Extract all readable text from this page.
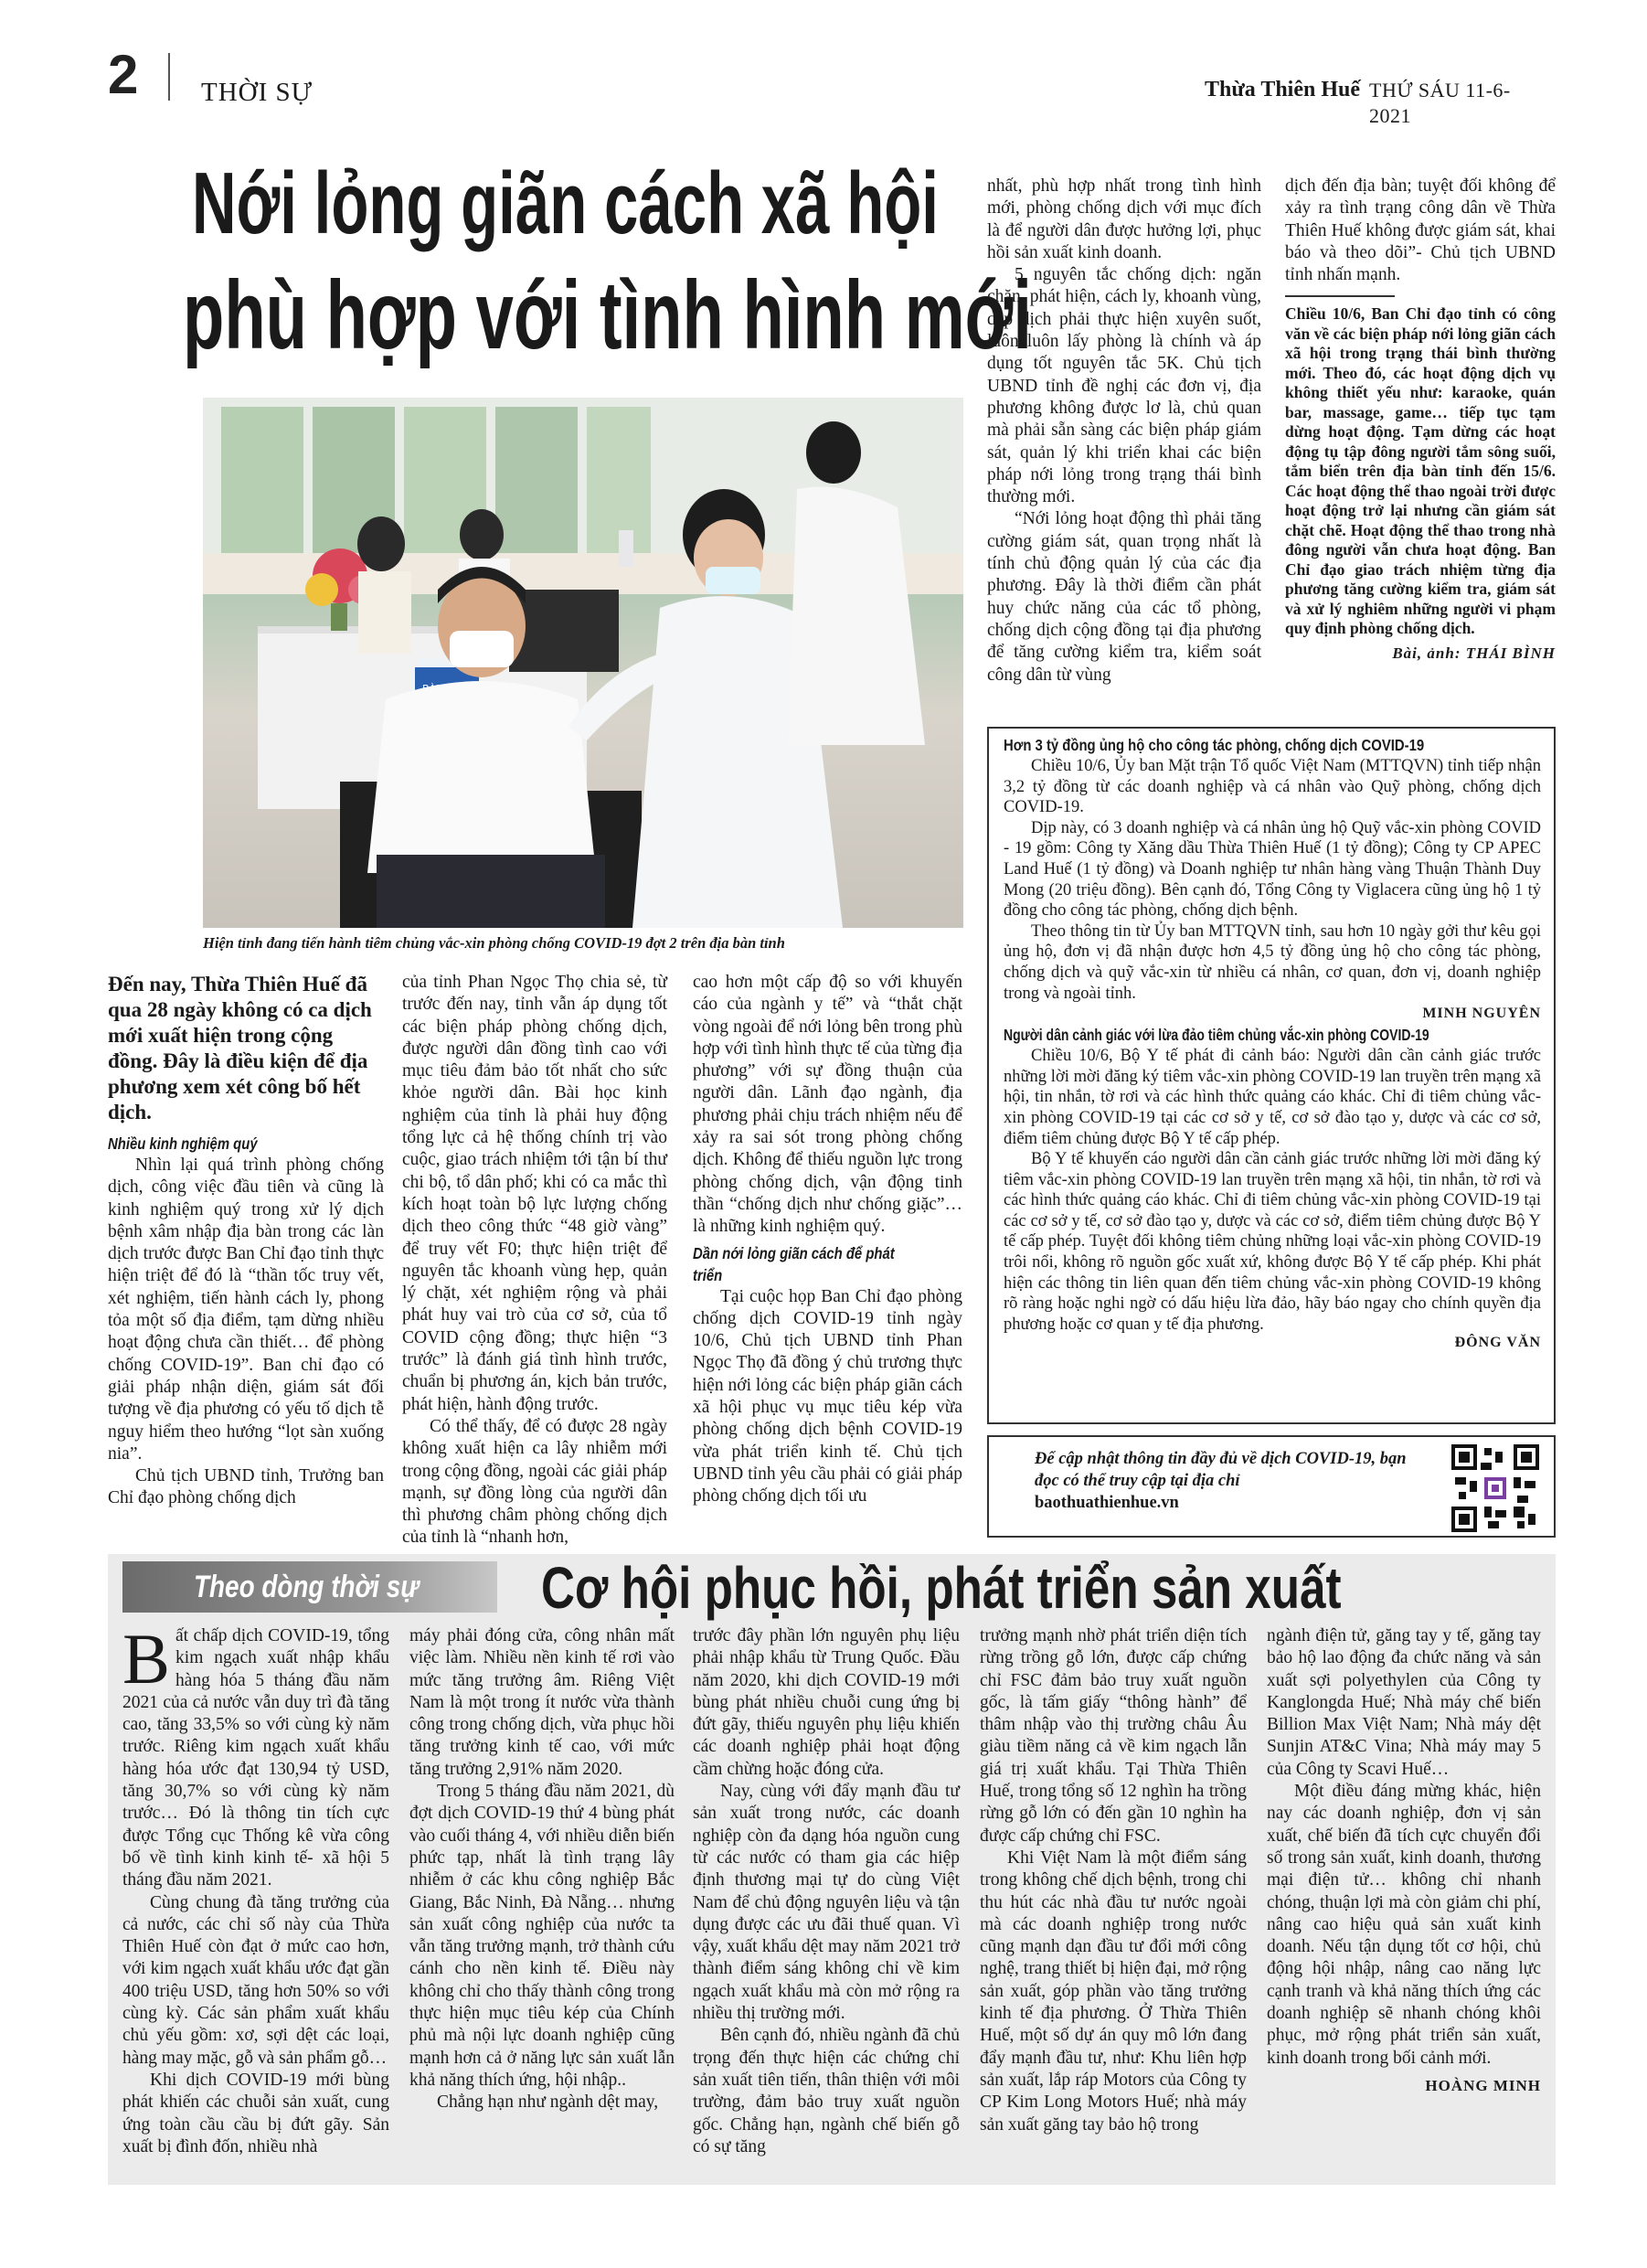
2 THỜI SỰ	Thừa Thiên Huế THỨ SÁU 11-6-2021
Nới lỏng giãn cách xã hội
phù hợp với tình hình mới
Hiện tỉnh đang tiến hành tiêm chủng vắc-xin phòng chống COVID-19 đợt 2 trên địa bàn tỉnh
Đến nay, Thừa Thiên Huế đã qua 28 ngày không có ca dịch mới xuất hiện trong cộng đồng. Đây là điều kiện để địa phương xem xét công bố hết dịch.
Nhiều kinh nghiệm quý

Nhìn lại quá trình phòng chống dịch, công việc đầu tiên và cũng là kinh nghiệm quý trong xử lý dịch bệnh xâm nhập địa bàn trong các làn dịch trước được Ban Chỉ đạo tỉnh thực hiện triệt để đó là “thần tốc truy vết, xét nghiệm, tiến hành cách ly, phong tỏa một số địa điểm, tạm dừng nhiều hoạt động chưa cần thiết… để phòng chống COVID-19”. Ban chỉ đạo có giải pháp nhận diện, giám sát đối tượng về địa phương có yếu tố dịch tễ nguy hiểm theo hướng “lọt sàn xuống nia”.

Chủ tịch UBND tỉnh, Trưởng ban Chỉ đạo phòng chống dịch

của tỉnh Phan Ngọc Thọ chia sẻ, từ trước đến nay, tỉnh vẫn áp dụng tốt các biện pháp phòng chống dịch, được người dân đồng tình cao với mục tiêu đảm bảo tốt nhất cho sức khỏe người dân. Bài học kinh nghiệm của tỉnh là phải huy động tổng lực cả hệ thống chính trị vào cuộc, giao trách nhiệm tới tận bí thư chi bộ, tổ dân phố; khi có ca mắc thì kích hoạt toàn bộ lực lượng chống dịch theo công thức “48 giờ vàng” để truy vết F0; thực hiện triệt để nguyên tắc khoanh vùng hẹp, quản lý chặt, xét nghiệm rộng và phải phát huy vai trò của cơ sở, của tổ COVID cộng đồng; thực hiện “3 trước” là đánh giá tình hình trước, chuẩn bị phương án, kịch bản trước, phát hiện, hành động trước.

Có thể thấy, để có được 28 ngày không xuất hiện ca lây nhiễm mới trong cộng đồng, ngoài các giải pháp mạnh, sự đồng lòng của người dân thì phương châm phòng chống dịch của tỉnh là “nhanh hơn,

cao hơn một cấp độ so với khuyến cáo của ngành y tế” và “thắt chặt vòng ngoài để nới lỏng bên trong phù hợp với tình hình thực tế của từng địa phương” với sự đồng thuận của người dân. Lãnh đạo ngành, địa phương phải chịu trách nhiệm nếu để xảy ra sai sót trong phòng chống dịch. Không để thiếu nguồn lực trong phòng chống dịch, vận động tinh thần “chống dịch như chống giặc”… là những kinh nghiệm quý.

Dần nới lỏng giãn cách để phát triển

Tại cuộc họp Ban Chỉ đạo phòng chống dịch COVID-19 tỉnh ngày 10/6, Chủ tịch UBND tỉnh Phan Ngọc Thọ đã đồng ý chủ trương thực hiện nới lỏng các biện pháp giãn cách xã hội phục vụ mục tiêu kép vừa phòng chống dịch bệnh COVID-19 vừa phát triển kinh tế. Chủ tịch UBND tỉnh yêu cầu phải có giải pháp phòng chống dịch tối ưu

nhất, phù hợp nhất trong tình hình mới, phòng chống dịch với mục đích là để người dân được hưởng lợi, phục hồi sản xuất kinh doanh.

5 nguyên tắc chống dịch: ngăn chặn, phát hiện, cách ly, khoanh vùng, dập dịch phải thực hiện xuyên suốt, luôn luôn lấy phòng là chính và áp dụng tốt nguyên tắc 5K. Chủ tịch UBND tỉnh đề nghị các đơn vị, địa phương không được lơ là, chủ quan mà phải sẵn sàng các biện pháp giám sát, quản lý khi triển khai các biện pháp nới lỏng trong trạng thái bình thường mới.

“Nới lỏng hoạt động thì phải tăng cường giám sát, quan trọng nhất là tính chủ động quản lý của các địa phương. Đây là thời điểm cần phát huy chức năng của các tổ phòng, chống dịch cộng đồng tại địa phương để tăng cường kiểm tra, kiểm soát công dân từ vùng

dịch đến địa bàn; tuyệt đối không để xảy ra tình trạng công dân về Thừa Thiên Huế không được giám sát, khai báo và theo dõi”- Chủ tịch UBND tỉnh nhấn mạnh.

Chiều 10/6, Ban Chỉ đạo tỉnh có công văn về các biện pháp nới lỏng giãn cách xã hội trong trạng thái bình thường mới. Theo đó, các hoạt động dịch vụ không thiết yếu như: karaoke, quán bar, massage, game… tiếp tục tạm dừng hoạt động. Tạm dừng các hoạt động tụ tập đông người tắm sông suối, tắm biển trên địa bàn tỉnh đến 15/6. Các hoạt động thể thao ngoài trời được hoạt động trở lại nhưng cần giám sát chặt chẽ. Hoạt động thể thao trong nhà đông người vẫn chưa hoạt động. Ban Chỉ đạo giao trách nhiệm từng địa phương tăng cường kiểm tra, giám sát và xử lý nghiêm những người vi phạm quy định phòng chống dịch.

Bài, ảnh: THÁI BÌNH
Hơn 3 tỷ đồng ủng hộ cho công tác phòng, chống dịch COVID-19

Chiều 10/6, Ủy ban Mặt trận Tổ quốc Việt Nam (MTTQVN) tỉnh tiếp nhận 3,2 tỷ đồng từ các doanh nghiệp và cá nhân vào Quỹ phòng, chống dịch COVID-19.

Dịp này, có 3 doanh nghiệp và cá nhân ủng hộ Quỹ vắc-xin phòng COVID - 19 gồm: Công ty Xăng dầu Thừa Thiên Huế (1 tỷ đồng); Công ty CP APEC Land Huế (1 tỷ đồng) và Doanh nghiệp tư nhân hàng vàng Thuận Thành Duy Mong (20 triệu đồng). Bên cạnh đó, Tổng Công ty Viglacera cũng ủng hộ 1 tỷ đồng cho công tác phòng, chống dịch bệnh.

Theo thông tin từ Ủy ban MTTQVN tỉnh, sau hơn 10 ngày gởi thư kêu gọi ủng hộ, đơn vị đã nhận được hơn 4,5 tỷ đồng ủng hộ cho công tác phòng, chống dịch và quỹ vắc-xin từ nhiều cá nhân, cơ quan, đơn vị, doanh nghiệp trong và ngoài tỉnh.

MINH NGUYÊN
Người dân cảnh giác với lừa đảo tiêm chủng vắc-xin phòng COVID-19

Chiều 10/6, Bộ Y tế phát đi cảnh báo: Người dân cần cảnh giác trước những lời mời đăng ký tiêm vắc-xin phòng COVID-19 lan truyền trên mạng xã hội, tin nhắn, tờ rơi và các hình thức quảng cáo khác. Chỉ đi tiêm chủng vắc-xin phòng COVID-19 tại các cơ sở y tế, cơ sở đào tạo y, dược và các cơ sở, điểm tiêm chủng được Bộ Y tế cấp phép.

Bộ Y tế khuyến cáo người dân cần cảnh giác trước những lời mời đăng ký tiêm vắc-xin phòng COVID-19 lan truyền trên mạng xã hội, tin nhắn, tờ rơi và các hình thức quảng cáo khác. Chỉ đi tiêm chủng vắc-xin phòng COVID-19 tại các cơ sở y tế, cơ sở đào tạo y, dược và các cơ sở, điểm tiêm chủng được Bộ Y tế cấp phép. Tuyệt đối không tiêm chủng những loại vắc-xin phòng COVID-19 trôi nổi, không rõ nguồn gốc xuất xứ, không được Bộ Y tế cấp phép. Khi phát hiện các thông tin liên quan đến tiêm chủng vắc-xin phòng COVID-19 không rõ ràng hoặc nghi ngờ có dấu hiệu lừa đảo, hãy báo ngay cho chính quyền địa phương hoặc cơ quan y tế địa phương.

ĐÔNG VĂN
Để cập nhật thông tin đầy đủ về dịch COVID-19, bạn đọc có thể truy cập tại địa chỉ
baothuathienhue.vn
Theo dòng thời sự Cơ hội phục hồi, phát triển sản xuất

Bất chấp dịch COVID-19, tổng kim ngạch xuất nhập khẩu hàng hóa 5 tháng đầu năm 2021 của cả nước vẫn duy trì đà tăng cao, tăng 33,5% so với cùng kỳ năm trước. Riêng kim ngạch xuất khẩu hàng hóa ước đạt 130,94 tỷ USD, tăng 30,7% so với cùng kỳ năm trước… Đó là thông tin tích cực được Tổng cục Thống kê vừa công bố về tình kinh kinh tế- xã hội 5 tháng đầu năm 2021.

Cùng chung đà tăng trưởng của cả nước, các chỉ số này của Thừa Thiên Huế còn đạt ở mức cao hơn, với kim ngạch xuất khẩu ước đạt gần 400 triệu USD, tăng hơn 50% so với cùng kỳ. Các sản phẩm xuất khẩu chủ yếu gồm: xơ, sợi dệt các loại, hàng may mặc, gỗ và sản phẩm gỗ…

Khi dịch COVID-19 mới bùng phát khiến các chuỗi sản xuất, cung ứng toàn cầu cầu bị đứt gãy. Sản xuất bị đình đốn, nhiều nhà

máy phải đóng cửa, công nhân mất việc làm. Nhiều nền kinh tế rơi vào mức tăng trưởng âm. Riêng Việt Nam là một trong ít nước vừa thành công trong chống dịch, vừa phục hồi tăng trưởng kinh tế cao, với mức tăng trưởng 2,91% năm 2020.

Trong 5 tháng đầu năm 2021, dù đợt dịch COVID-19 thứ 4 bùng phát vào cuối tháng 4, với nhiều diễn biến phức tạp, nhất là tình trạng lây nhiễm ở các khu công nghiệp Bắc Giang, Bắc Ninh, Đà Nẵng… nhưng sản xuất công nghiệp của nước ta vẫn tăng trưởng mạnh, trở thành cứu cánh cho nền kinh tế. Điều này không chỉ cho thấy thành công trong thực hiện mục tiêu kép của Chính phủ mà nội lực doanh nghiệp cũng mạnh hơn cả ở năng lực sản xuất lẫn khả năng thích ứng, hội nhập..

Chẳng hạn như ngành dệt may,

trước đây phần lớn nguyên phụ liệu phải nhập khẩu từ Trung Quốc. Đầu năm 2020, khi dịch COVID-19 mới bùng phát nhiều chuỗi cung ứng bị đứt gãy, thiếu nguyên phụ liệu khiến các doanh nghiệp phải hoạt động cầm chừng hoặc đóng cửa.

Nay, cùng với đẩy mạnh đầu tư sản xuất trong nước, các doanh nghiệp còn đa dạng hóa nguồn cung từ các nước có tham gia các hiệp định thương mại tự do cùng Việt Nam để chủ động nguyên liệu và tận dụng được các ưu đãi thuế quan. Vì vậy, xuất khẩu dệt may năm 2021 trở thành điểm sáng không chỉ về kim ngạch xuất khẩu mà còn mở rộng ra nhiều thị trường mới.

Bên cạnh đó, nhiều ngành đã chủ trọng đến thực hiện các chứng chỉ sản xuất tiên tiến, thân thiện với môi trường, đảm bảo truy xuất nguồn gốc. Chẳng hạn, ngành chế biến gỗ có sự tăng

trưởng mạnh nhờ phát triển diện tích rừng trồng gỗ lớn, được cấp chứng chỉ FSC đảm bảo truy xuất nguồn gốc, là tấm giấy “thông hành” để thâm nhập vào thị trường châu Âu giàu tiềm năng cả về kim ngạch lẫn giá trị xuất khẩu. Tại Thừa Thiên Huế, trong tổng số 12 nghìn ha trồng rừng gỗ lớn có đến gần 10 nghìn ha được cấp chứng chỉ FSC.

Khi Việt Nam là một điểm sáng trong không chế dịch bệnh, trong chi thu hút các nhà đầu tư nước ngoài mà các doanh nghiệp trong nước cũng mạnh dạn đầu tư đổi mới công nghệ, trang thiết bị hiện đại, mở rộng sản xuất, góp phần vào tăng trưởng kinh tế địa phương. Ở Thừa Thiên Huế, một số dự án quy mô lớn đang đẩy mạnh đầu tư, như: Khu liên hợp sản xuất, lắp ráp Motors của Công ty CP Kim Long Motors Huế; nhà máy sản xuất găng tay bảo hộ trong

ngành điện tử, găng tay y tế, găng tay bảo hộ lao động đa chức năng và sản xuất sợi polyethylen của Công ty Kanglongda Huế; Nhà máy chế biến Billion Max Việt Nam; Nhà máy dệt Sunjin AT&C Vina; Nhà máy may 5 của Công ty Scavi Huế…

Một điều đáng mừng khác, hiện nay các doanh nghiệp, đơn vị sản xuất, chế biến đã tích cực chuyển đổi số trong sản xuất, kinh doanh, thương mại điện tử… không chỉ nhanh chóng, thuận lợi mà còn giảm chi phí, nâng cao hiệu quả sản xuất kinh doanh. Nếu tận dụng tốt cơ hội, chủ động hội nhập, nâng cao năng lực cạnh tranh và khả năng thích ứng các doanh nghiệp sẽ nhanh chóng khôi phục, mở rộng phát triển sản xuất, kinh doanh trong bối cảnh mới.

HOÀNG MINH
